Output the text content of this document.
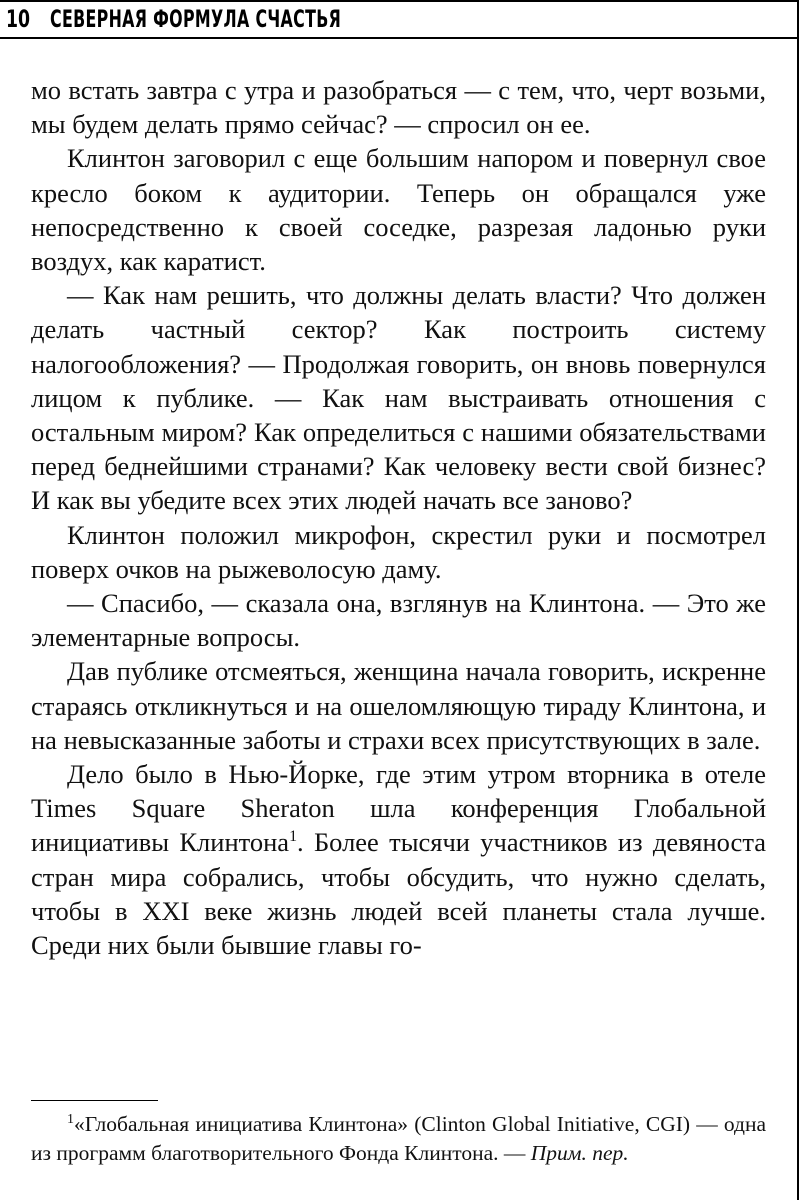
10 СЕВЕРНАЯ ФОРМУЛА СЧАСТЬЯ

мо встать завтра с утра и разобраться — с тем, что, черт возьми, мы будем делать прямо сейчас? — спросил он ее.

Клинтон заговорил с еще большим напором и повернул свое кресло боком к аудитории. Теперь он обращался уже непосредственно к своей соседке, разрезая ладонью руки воздух, как каратист.

— Как нам решить, что должны делать власти? Что должен делать частный сектор? Как построить систему налогообложения? — Продолжая говорить, он вновь повернулся лицом к публике. — Как нам выстраивать отношения с остальным миром? Как определиться с нашими обязательствами перед беднейшими странами? Как человеку вести свой бизнес? И как вы убедите всех этих людей начать все заново?

Клинтон положил микрофон, скрестил руки и посмотрел поверх очков на рыжеволосую даму.

— Спасибо, — сказала она, взглянув на Клинтона. — Это же элементарные вопросы.

Дав публике отсмеяться, женщина начала говорить, искренне стараясь откликнуться и на ошеломляющую тираду Клинтона, и на невысказанные заботы и страхи всех присутствующих в зале.

Дело было в Нью-Йорке, где этим утром вторника в отеле Times Square Sheraton шла конференция Глобальной инициативы Клинтона$^1$. Более тысячи участников из девяноста стран мира собрались, чтобы обсудить, что нужно сделать, чтобы в XXI веке жизнь людей всей планеты стала лучше. Среди них были бывшие главы го-

$^1$«Глобальная инициатива Клинтона» (Clinton Global Initiative, CGI) — одна из программ благотворительного Фонда Клинтона. — Прим. пер.
